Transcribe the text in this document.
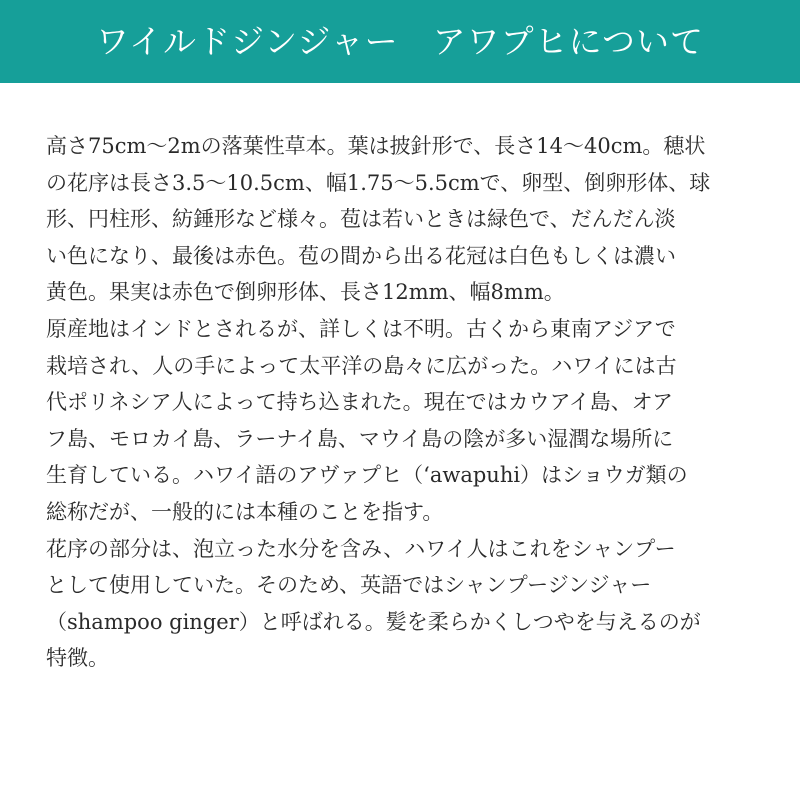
ワイルドジンジャー　アワプヒについて

高さ75cm〜2mの落葉性草本。葉は披針形で、長さ14〜40cm。穂状
の花序は長さ3.5〜10.5cm、幅1.75〜5.5cmで、卵型、倒卵形体、球
形、円柱形、紡錘形など様々。苞は若いときは緑色で、だんだん淡
い色になり、最後は赤色。苞の間から出る花冠は白色もしくは濃い
黄色。果実は赤色で倒卵形体、長さ12mm、幅8mm。

原産地はインドとされるが、詳しくは不明。古くから東南アジアで
栽培され、人の手によって太平洋の島々に広がった。ハワイには古
代ポリネシア人によって持ち込まれた。現在ではカウアイ島、オア
フ島、モロカイ島、ラーナイ島、マウイ島の陰が多い湿潤な場所に
生育している。ハワイ語のアヴァプヒ（‘awapuhi）はショウガ類の
総称だが、一般的には本種のことを指す。

花序の部分は、泡立った水分を含み、ハワイ人はこれをシャンプー
として使用していた。そのため、英語ではシャンプージンジャー
（shampoo ginger）と呼ばれる。髪を柔らかくしつやを与えるのが
特徴。
